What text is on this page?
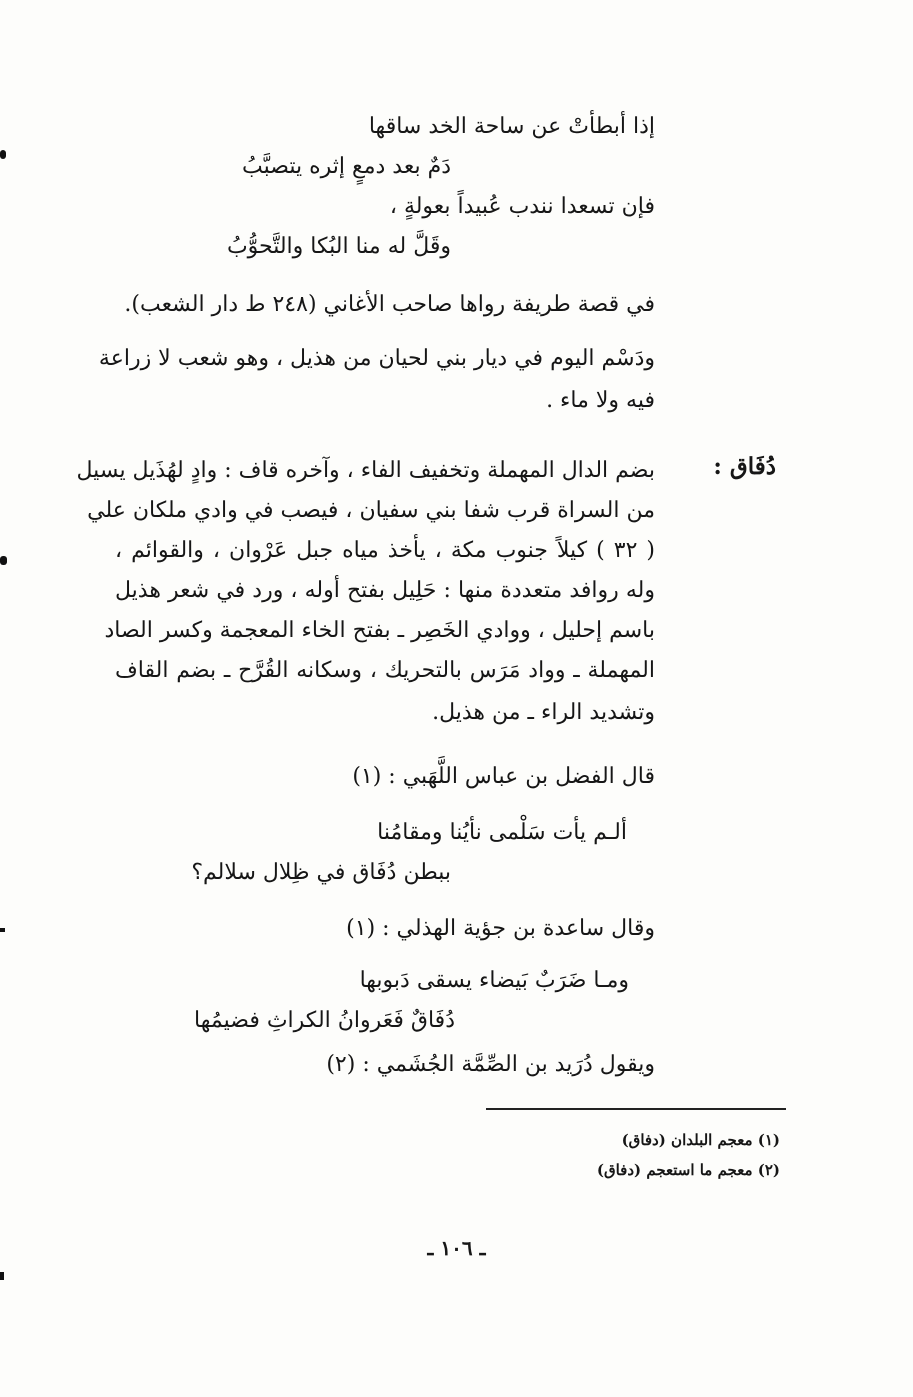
إذا أبطأتْ عن ساحة الخد ساقها
دَمٌ بعد دمعٍ إثره يتصبَّبُ
فإن تسعدا نندب عُبيداً بعولةٍ ،
وقَلَّ له منا البُكا والتَّحوُّبُ
في قصة طريفة رواها صاحب الأغاني (٢٤٨ ط دار الشعب).
ودَسْم اليوم في ديار بني لحيان من هذيل ، وهو شعب لا زراعة
فيه ولا ماء .
دُفَاق :
بضم الدال المهملة وتخفيف الفاء ، وآخره قاف : وادٍ لهُذَيل يسيل
من السراة قرب شفا بني سفيان ، فيصب في وادي ملكان علي
( ٣٢ ) كيلاً جنوب مكة ، يأخذ مياه جبل عَرْوان ، والقوائم ،
وله روافد متعددة منها : حَلِيل بفتح أوله ، ورد في شعر هذيل
باسم إحليل ، ووادي الخَصِر ـ بفتح الخاء المعجمة وكسر الصاد
المهملة ـ وواد مَرَس بالتحريك ، وسكانه القُرَّح ـ بضم القاف
وتشديد الراء ـ من هذيل.
قال الفضل بن عباس اللَّهَبي : (١)
ألـم يأت سَلْمى نأيُنا ومقامُنا
ببطن دُفَاق في ظِلال سلالم؟
وقال ساعدة بن جؤية الهذلي : (١)
ومـا ضَرَبٌ بَيضاء يسقى دَبوبها
دُفَاقٌ فَعَروانُ الكراثِ فضيمُها
ويقول دُرَيد بن الصِّمَّة الجُشَمي : (٢)
(١) معجم البلدان (دفاق)
(٢) معجم ما استعجم (دفاق)
ـ ١٠٦ ـ
